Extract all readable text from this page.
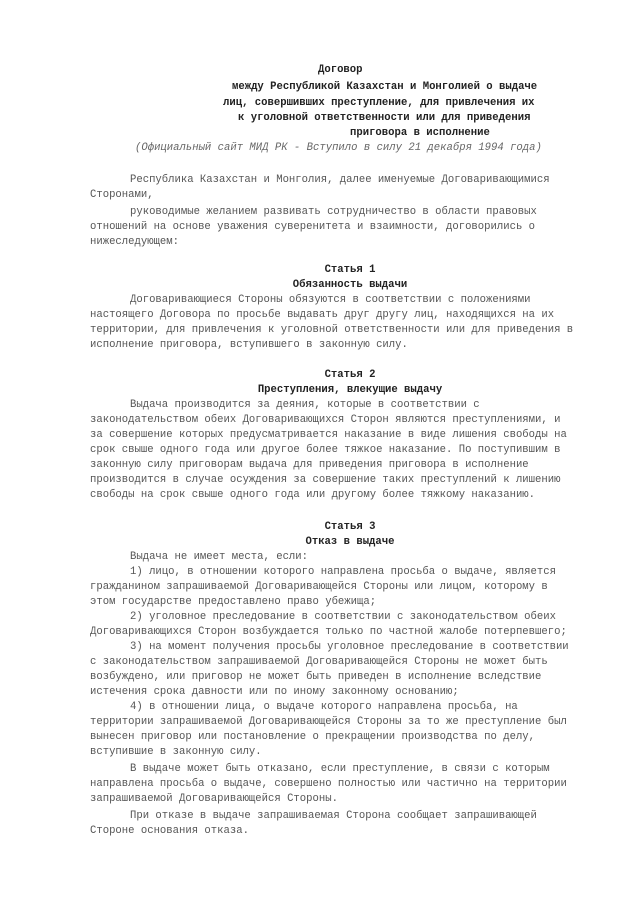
Договор
между Республикой Казахстан и Монголией о выдаче
лиц, совершивших преступление, для привлечения их
к уголовной ответственности или для приведения
приговора в исполнение
(Официальный сайт МИД РК - Вступило в силу 21 декабря 1994 года)
Республика Казахстан и Монголия, далее именуемые Договаривающимися
Сторонами,
руководимые желанием развивать сотрудничество в области правовых
отношений на основе уважения суверенитета и взаимности, договорились о
нижеследующем:
Статья 1
Обязанность выдачи
Договаривающиеся Стороны обязуются в соответствии с положениями
настоящего Договора по просьбе выдавать друг другу лиц, находящихся на их
территории, для привлечения к уголовной ответственности или для приведения в
исполнение приговора, вступившего в законную силу.
Статья 2
Преступления, влекущие выдачу
Выдача производится за деяния, которые в соответствии с
законодательством обеих Договаривающихся Сторон являются преступлениями, и
за совершение которых предусматривается наказание в виде лишения свободы на
срок свыше одного года или другое более тяжкое наказание. По поступившим в
законную силу приговорам выдача для приведения приговора в исполнение
производится в случае осуждения за совершение таких преступлений к лишению
свободы на срок свыше одного года или другому более тяжкому наказанию.
Статья 3
Отказ в выдаче
Выдача не имеет места, если:
1) лицо, в отношении которого направлена просьба о выдаче, является
гражданином запрашиваемой Договаривающейся Стороны или лицом, которому в
этом государстве предоставлено право убежища;
2) уголовное преследование в соответствии с законодательством обеих
Договаривающихся Сторон возбуждается только по частной жалобе потерпевшего;
3) на момент получения просьбы уголовное преследование в соответствии
с законодательством запрашиваемой Договаривающейся Стороны не может быть
возбуждено, или приговор не может быть приведен в исполнение вследствие
истечения срока давности или по иному законному основанию;
4) в отношении лица, о выдаче которого направлена просьба, на
территории запрашиваемой Договаривающейся Стороны за то же преступление был
вынесен приговор или постановление о прекращении производства по делу,
вступившие в законную силу.
В выдаче может быть отказано, если преступление, в связи с которым
направлена просьба о выдаче, совершено полностью или частично на территории
запрашиваемой Договаривающейся Стороны.
При отказе в выдаче запрашиваемая Сторона сообщает запрашивающей
Стороне основания отказа.
